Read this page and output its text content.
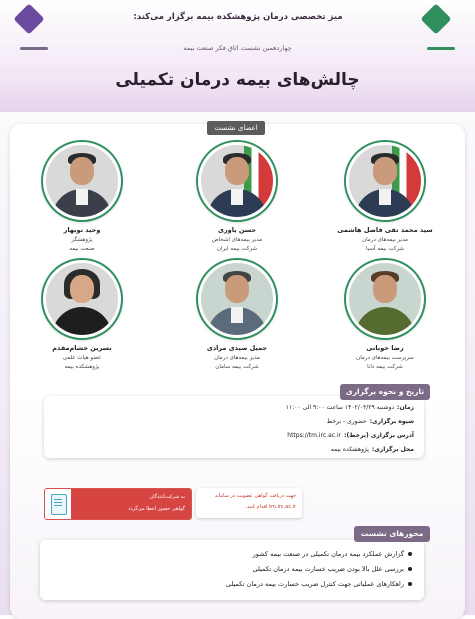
میز تخصصی درمان پژوهشکده بیمه برگزار می‌کند:
چهاردهمین نشست اتاق فکر صنعت بیمه
چالش‌های بیمه درمان تکمیلی
اعضای نشست
سید محمد تقی فاضل هاشمی
مدیر بیمه‌های درمان
شرکت بیمه آسیا
حسن یاوری
مدیر بیمه‌های اشخاص
شرکت بیمه ایران
وحید نوبهار
پژوهشگر
صنعت بیمه
رضا خوبانی
سرپرست بیمه‌های درمان
شرکت بیمه دانا
جمیل صیدی مرادی
مدیر بیمه‌های درمان
شرکت بیمه سامان
نسرین خشام‌مقدم
عضو هیات علمی
پژوهشکده بیمه
زمان:دوشنبه ۱۴۰۲/۰۳/۲۹ ساعت ۹:۰۰ الی ۱۱:۰۰
شیوه برگزاری:حضوری - برخط
آدرس برگزاری (برخط):https://tm.irc.ac.ir
محل برگزاری:پژوهشکده بیمه
تاریخ و نحوه برگزاری
به شرکت‌کنندگان
گواهی حضور اعطا می‌گردد
جهت دریافت گواهی عضویت در سامانه
tm.irc.ac.ir اقدام کنید.
گزارش عملکرد بیمه درمان تکمیلی در صنعت بیمه کشور
بررسی علل بالا بودن ضریب خسارت بیمه درمان تکمیلی
راهکارهای عملیاتی جهت کنترل ضریب خسارت بیمه درمان تکمیلی
محورهای نشست
